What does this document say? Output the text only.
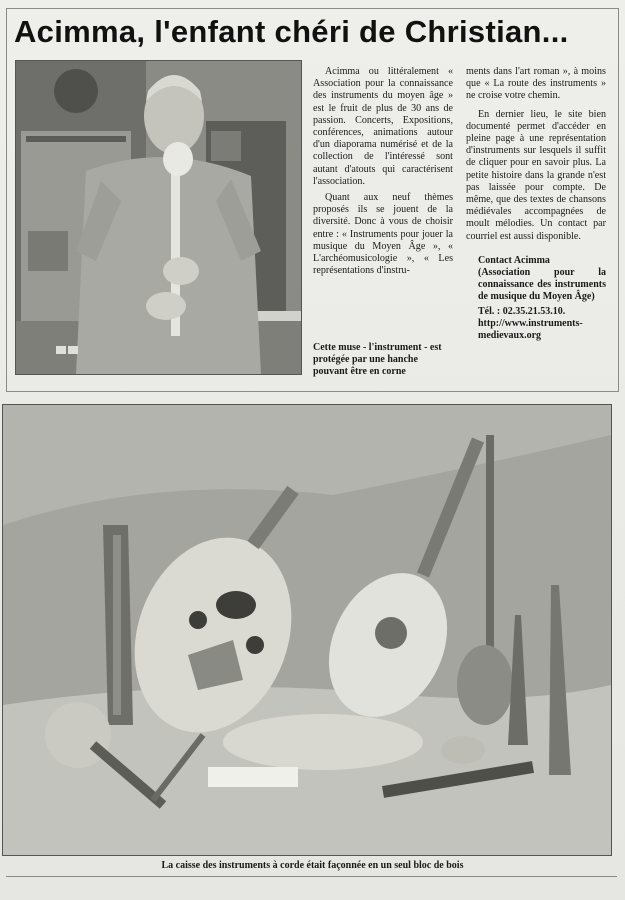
Acimma, l'enfant chéri de Christian...

Acimma ou littéralement « Association pour la connaissance des instruments du moyen âge » est le fruit de plus de 30 ans de passion. Concerts, Expositions, conférences, animations autour d'un diaporama numérisé et de la collection de l'intéressé sont autant d'atouts qui caractérisent l'association.

Quant aux neuf thèmes proposés ils se jouent de la diversité. Donc à vous de choisir entre : « Instruments pour jouer la musique du Moyen Âge », « L'archéomusicologie », « Les représentations d'instru-

Cette muse - l'instrument - est protégée par une hanche pouvant être en corne

ments dans l'art roman », à moins que « La route des instruments » ne croise votre chemin.

En dernier lieu, le site bien documenté permet d'accéder en pleine page à une représentation d'instruments sur lesquels il suffit de cliquer pour en savoir plus. La petite histoire dans la grande n'est pas laissée pour compte. De même, que des textes de chansons médiévales accompagnées de moult mélodies. Un contact par courriel est aussi disponible.

Contact Acimma
(Association pour la connaissance des instruments de musique du Moyen Âge)
Tél. : 02.35.21.53.10.
http://www.instruments-medievaux.org
La caisse des instruments à corde était façonnée en un seul bloc de bois
